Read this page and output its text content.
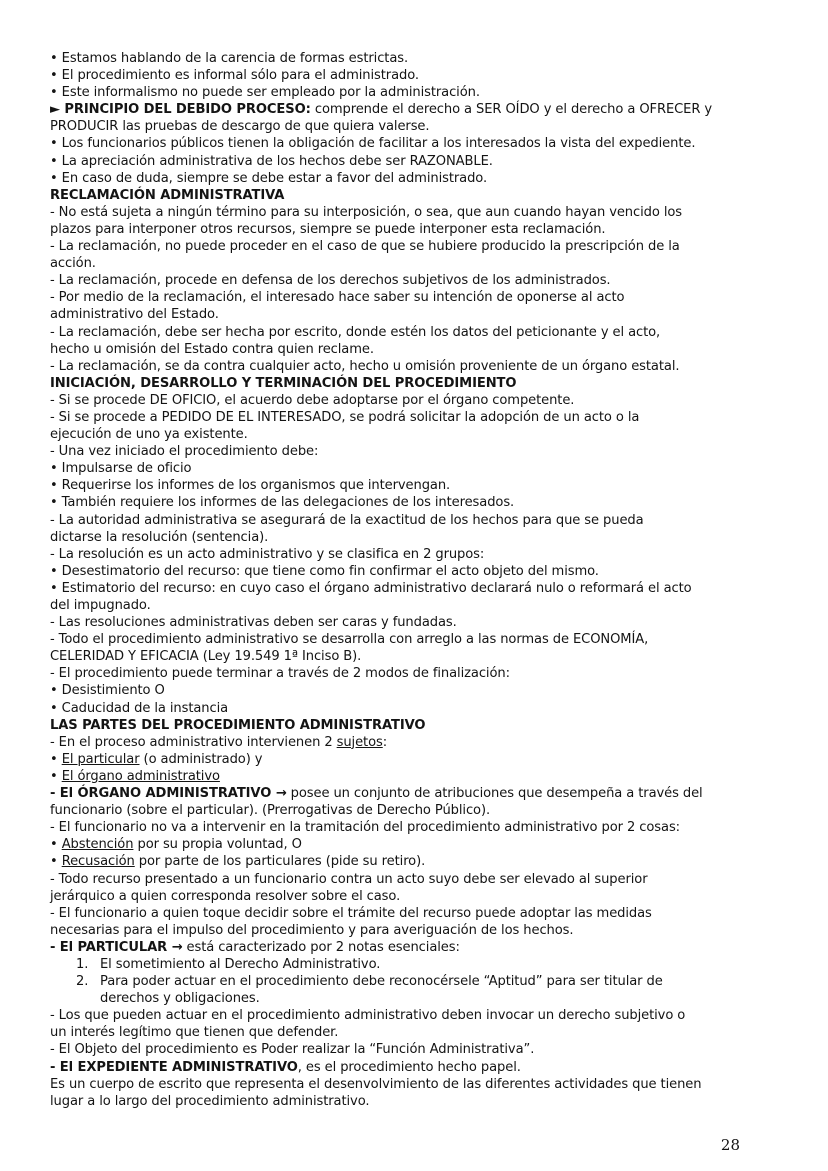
• Estamos hablando de la carencia de formas estrictas.
• El procedimiento es informal sólo para el administrado.
• Este informalismo no puede ser empleado por la administración.
► PRINCIPIO DEL DEBIDO PROCESO: comprende el derecho a SER OÍDO y el derecho a OFRECER y
PRODUCIR las pruebas de descargo de que quiera valerse.
• Los funcionarios públicos tienen la obligación de facilitar a los interesados la vista del expediente.
• La apreciación administrativa de los hechos debe ser RAZONABLE.
• En caso de duda, siempre se debe estar a favor del administrado.
RECLAMACIÓN ADMINISTRATIVA
- No está sujeta a ningún término para su interposición, o sea, que aun cuando hayan vencido los
plazos para interponer otros recursos, siempre se puede interponer esta reclamación.
- La reclamación, no puede proceder en el caso de que se hubiere producido la prescripción de la
acción.
- La reclamación, procede en defensa de los derechos subjetivos de los administrados.
- Por medio de la reclamación, el interesado hace saber su intención de oponerse al acto
administrativo del Estado.
- La reclamación, debe ser hecha por escrito, donde estén los datos del peticionante y el acto,
hecho u omisión del Estado contra quien reclame.
- La reclamación, se da contra cualquier acto, hecho u omisión proveniente de un órgano estatal.
INICIACIÓN, DESARROLLO Y TERMINACIÓN DEL PROCEDIMIENTO
- Si se procede DE OFICIO, el acuerdo debe adoptarse por el órgano competente.
- Si se procede a PEDIDO DE EL INTERESADO, se podrá solicitar la adopción de un acto o la
ejecución de uno ya existente.
- Una vez iniciado el procedimiento debe:
• Impulsarse de oficio
• Requerirse los informes de los organismos que intervengan.
• También requiere los informes de las delegaciones de los interesados.
- La autoridad administrativa se asegurará de la exactitud de los hechos para que se pueda
dictarse la resolución (sentencia).
- La resolución es un acto administrativo y se clasifica en 2 grupos:
• Desestimatorio del recurso: que tiene como fin confirmar el acto objeto del mismo.
• Estimatorio del recurso: en cuyo caso el órgano administrativo declarará nulo o reformará el acto
del impugnado.
- Las resoluciones administrativas deben ser caras y fundadas.
- Todo el procedimiento administrativo se desarrolla con arreglo a las normas de ECONOMÍA,
CELERIDAD Y EFICACIA (Ley 19.549 1ª Inciso B).
- El procedimiento puede terminar a través de 2 modos de finalización:
• Desistimiento O
• Caducidad de la instancia
LAS PARTES DEL PROCEDIMIENTO ADMINISTRATIVO
- En el proceso administrativo intervienen 2 sujetos:
• El particular (o administrado) y
• El órgano administrativo
- El ÓRGANO ADMINISTRATIVO → posee un conjunto de atribuciones que desempeña a través del
funcionario (sobre el particular). (Prerrogativas de Derecho Público).
- El funcionario no va a intervenir en la tramitación del procedimiento administrativo por 2 cosas:
• Abstención por su propia voluntad, O
• Recusación por parte de los particulares (pide su retiro).
- Todo recurso presentado a un funcionario contra un acto suyo debe ser elevado al superior
jerárquico a quien corresponda resolver sobre el caso.
- El funcionario a quien toque decidir sobre el trámite del recurso puede adoptar las medidas
necesarias para el impulso del procedimiento y para averiguación de los hechos.
- El PARTICULAR → está caracterizado por 2 notas esenciales:
1. El sometimiento al Derecho Administrativo.
2. Para poder actuar en el procedimiento debe reconocérsele “Aptitud” para ser titular de
derechos y obligaciones.
- Los que pueden actuar en el procedimiento administrativo deben invocar un derecho subjetivo o
un interés legítimo que tienen que defender.
- El Objeto del procedimiento es Poder realizar la “Función Administrativa”.
- El EXPEDIENTE ADMINISTRATIVO, es el procedimiento hecho papel.
Es un cuerpo de escrito que representa el desenvolvimiento de las diferentes actividades que tienen
lugar a lo largo del procedimiento administrativo.
28
